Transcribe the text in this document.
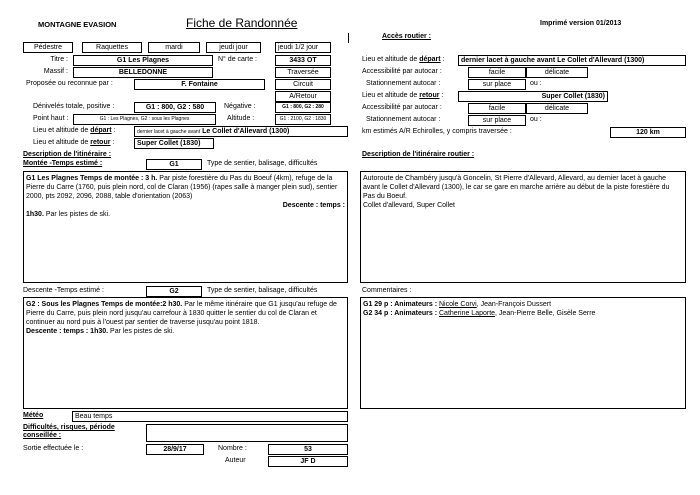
MONTAGNE EVASION	Fiche de Randonnée	Imprimé version 01/2013
Pédestre	Raquettes	mardi	jeudi jour	jeudi 1/2 jour
Titre :	G1 Les Plagnes	N° de carte :	3433 OT
Massif :	BELLEDONNE	Traversée
Proposée ou reconnue par :	F. Fontaine	Circuit
A/Retour
Dénivelés totale, positive :	G1 : 800, G2 : 580	Négative :	G1 : 800, G2 : 280
Point haut :	G1 : Les Plagnes, G2 : sous les Plagnes	Altitude :	G1 : 2100, G2 : 1830
Lieu et altitude de départ :	dernier lacet à gauche avant Le Collet d'Allevard (1300)
Lieu et altitude de retour :	Super Collet (1830)
Description de l'itinéraire :
Montée -Temps estimé :	G1	Type de sentier, balisage, difficultés
G1 Les Plagnes Temps de montée : 3 h. Par piste forestière du Pas du Boeuf (4km), refuge de la Pierre du Carre (1760, puis plein nord, col de Claran (1956) (rapes salle à manger plein sud), sentier 2000, pts 2092, 2096, 2088, table d'orientation (2063)
Descente : temps :
1h30. Par les pistes de ski.
Descente -Temps estimé :	G2	Type de sentier, balisage, difficultés
G2 : Sous les Plagnes Temps de montée:2 h30. Par le même itinéraire que G1 jusqu'au refuge de Pierre du Carre, puis plein nord jusqu'au carrefour à 1830 quitter le sentier du col de Claran et continuer au nord puis à l'ouest par sentier de traverse jusqu'au point 1818.
Descente : temps : 1h30. Par les pistes de ski.
Météo	Beau temps
Difficultés, risques, période conseillée :
Sortie effectuée le :	28/9/17	Nombre :	53
Auteur	JF D
Accès routier :
Lieu et altitude de départ :	dernier lacet à gauche avant Le Collet d'Allevard (1300)
Accessibilité par autocar :	facile	délicate
Stationnement autocar :	sur place	ou :
Lieu et altitude de retour :	Super Collet (1830)
Accessibilité par autocar :	facile	délicate
Stationnement autocar :	sur place	ou :
km estimés A/R Echirolles, y compris traversée :	120 km
Description de l'itinéraire routier :
Autoroute de Chambéry jusqu'à Goncelin, St Pierre d'Allevard, Allevard, au dernier lacet à gauche avant le Collet d'Allevard (1300), le car se gare en marche arrière au début de la piste forestière du Pas du Boeuf.
Collet d'allevard, Super Collet
Commentaires :
G1 29 p : Animateurs : Nicole Corvi, Jean-François Dussert
G2 34 p : Animateurs : Catherine Laporte, Jean-Pierre Belle, Gisèle Serre
